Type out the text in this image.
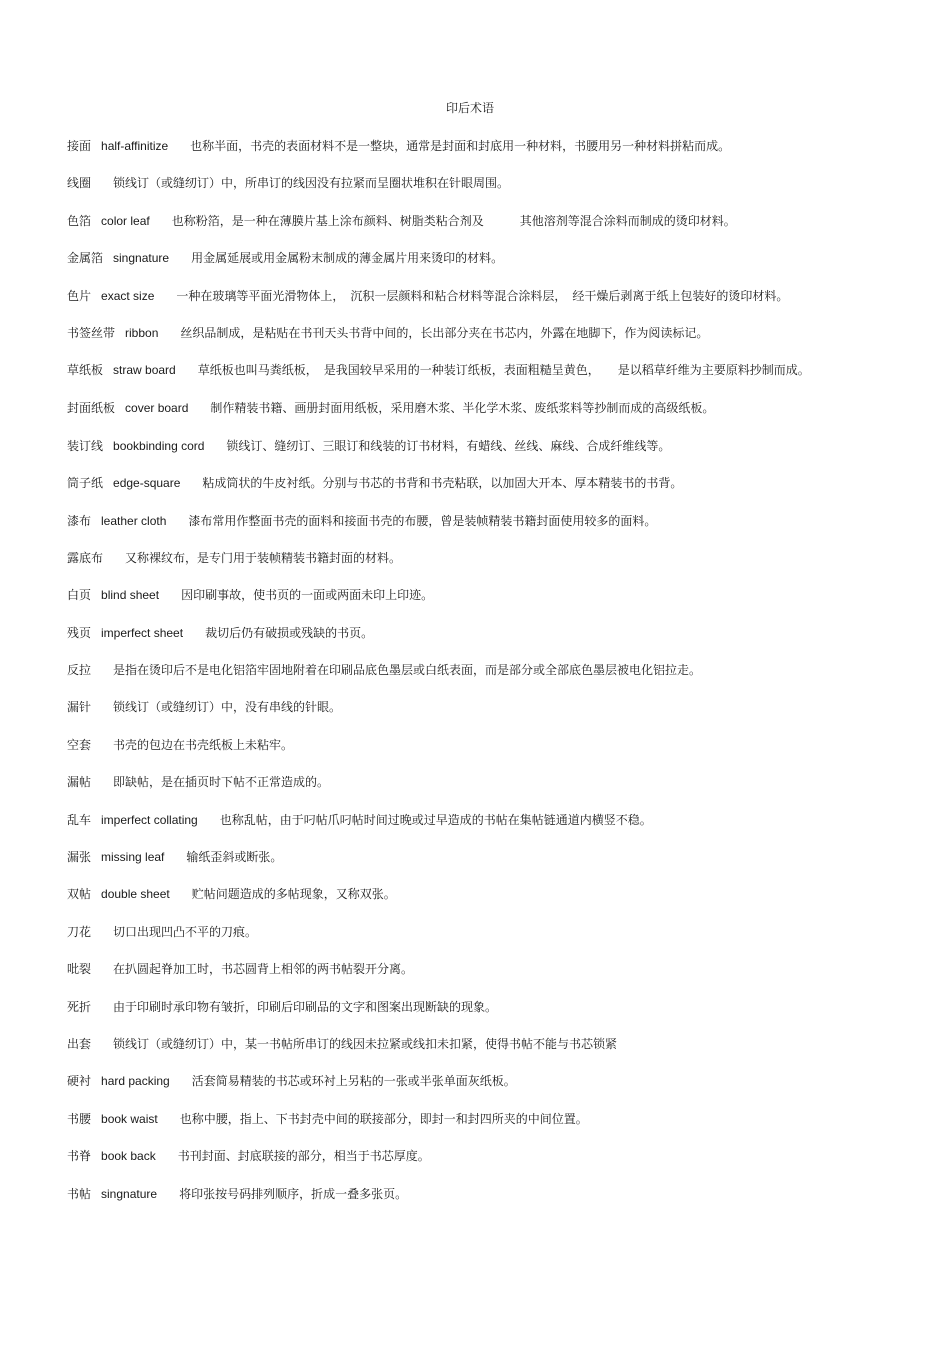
印后术语
接面 half-affinitize 也称半面，书壳的表面材料不是一整块，通常是封面和封底用一种材料，书腰用另一种材料拼粘而成。
线圈 锁线订（或缝纫订）中，所串订的线因没有拉紧而呈圈状堆积在针眼周围。
色箔 color leaf 也称粉箔，是一种在薄膜片基上涂布颜料、树脂类粘合剂及　　　其他溶剂等混合涂料而制成的烫印材料。
金属箔 singnature 用金属延展或用金属粉末制成的薄金属片用来烫印的材料。
色片 exact size 一种在玻璃等平面光滑物体上，　沉积一层颜料和粘合材料等混合涂料层，　经干燥后剥离于纸上包装好的烫印材料。
书签丝带 ribbon 丝织品制成，是粘贴在书刊天头书背中间的，长出部分夹在书芯内，外露在地脚下，作为阅读标记。
草纸板 straw board 草纸板也叫马粪纸板，　是我国较早采用的一种装订纸板，表面粗糙呈黄色，　　是以稻草纤维为主要原料抄制而成。
封面纸板 cover board 制作精装书籍、画册封面用纸板，采用磨木浆、半化学木浆、废纸浆料等抄制而成的高级纸板。
装订线 bookbinding cord 锁线订、缝纫订、三眼订和线装的订书材料，有蜡线、丝线、麻线、合成纤维线等。
筒子纸 edge-square 粘成筒状的牛皮衬纸。分别与书芯的书背和书壳粘联，以加固大开本、厚本精装书的书背。
漆布 leather cloth 漆布常用作整面书壳的面料和接面书壳的布腰，曾是装帧精装书籍封面使用较多的面料。
露底布 又称裸纹布，是专门用于装帧精装书籍封面的材料。
白页 blind sheet 因印刷事故，使书页的一面或两面未印上印迹。
残页 imperfect sheet 裁切后仍有破损或残缺的书页。
反拉 是指在烫印后不是电化铝箔牢固地附着在印刷品底色墨层或白纸表面，而是部分或全部底色墨层被电化铝拉走。
漏针 锁线订（或缝纫订）中，没有串线的针眼。
空套 书壳的包边在书壳纸板上未粘牢。
漏帖 即缺帖，是在插页时下帖不正常造成的。
乱车 imperfect collating 也称乱帖，由于叼帖爪叼帖时间过晚或过早造成的书帖在集帖链通道内横竖不稳。
漏张 missing leaf 输纸歪斜或断张。
双帖 double sheet 贮帖问题造成的多帖现象，又称双张。
刀花 切口出现凹凸不平的刀痕。
吡裂 在扒圆起脊加工时，书芯圆背上相邻的两书帖裂开分离。
死折 由于印刷时承印物有皱折，印刷后印刷品的文字和图案出现断缺的现象。
出套 锁线订（或缝纫订）中，某一书帖所串订的线因未拉紧或线扣未扣紧，使得书帖不能与书芯锁紧
硬衬 hard packing 活套简易精装的书芯或环衬上另粘的一张或半张单面灰纸板。
书腰 book waist 也称中腰，指上、下书封壳中间的联接部分，即封一和封四所夹的中间位置。
书脊 book back 书刊封面、封底联接的部分，相当于书芯厚度。
书帖 singnature 将印张按号码排列顺序，折成一叠多张页。
